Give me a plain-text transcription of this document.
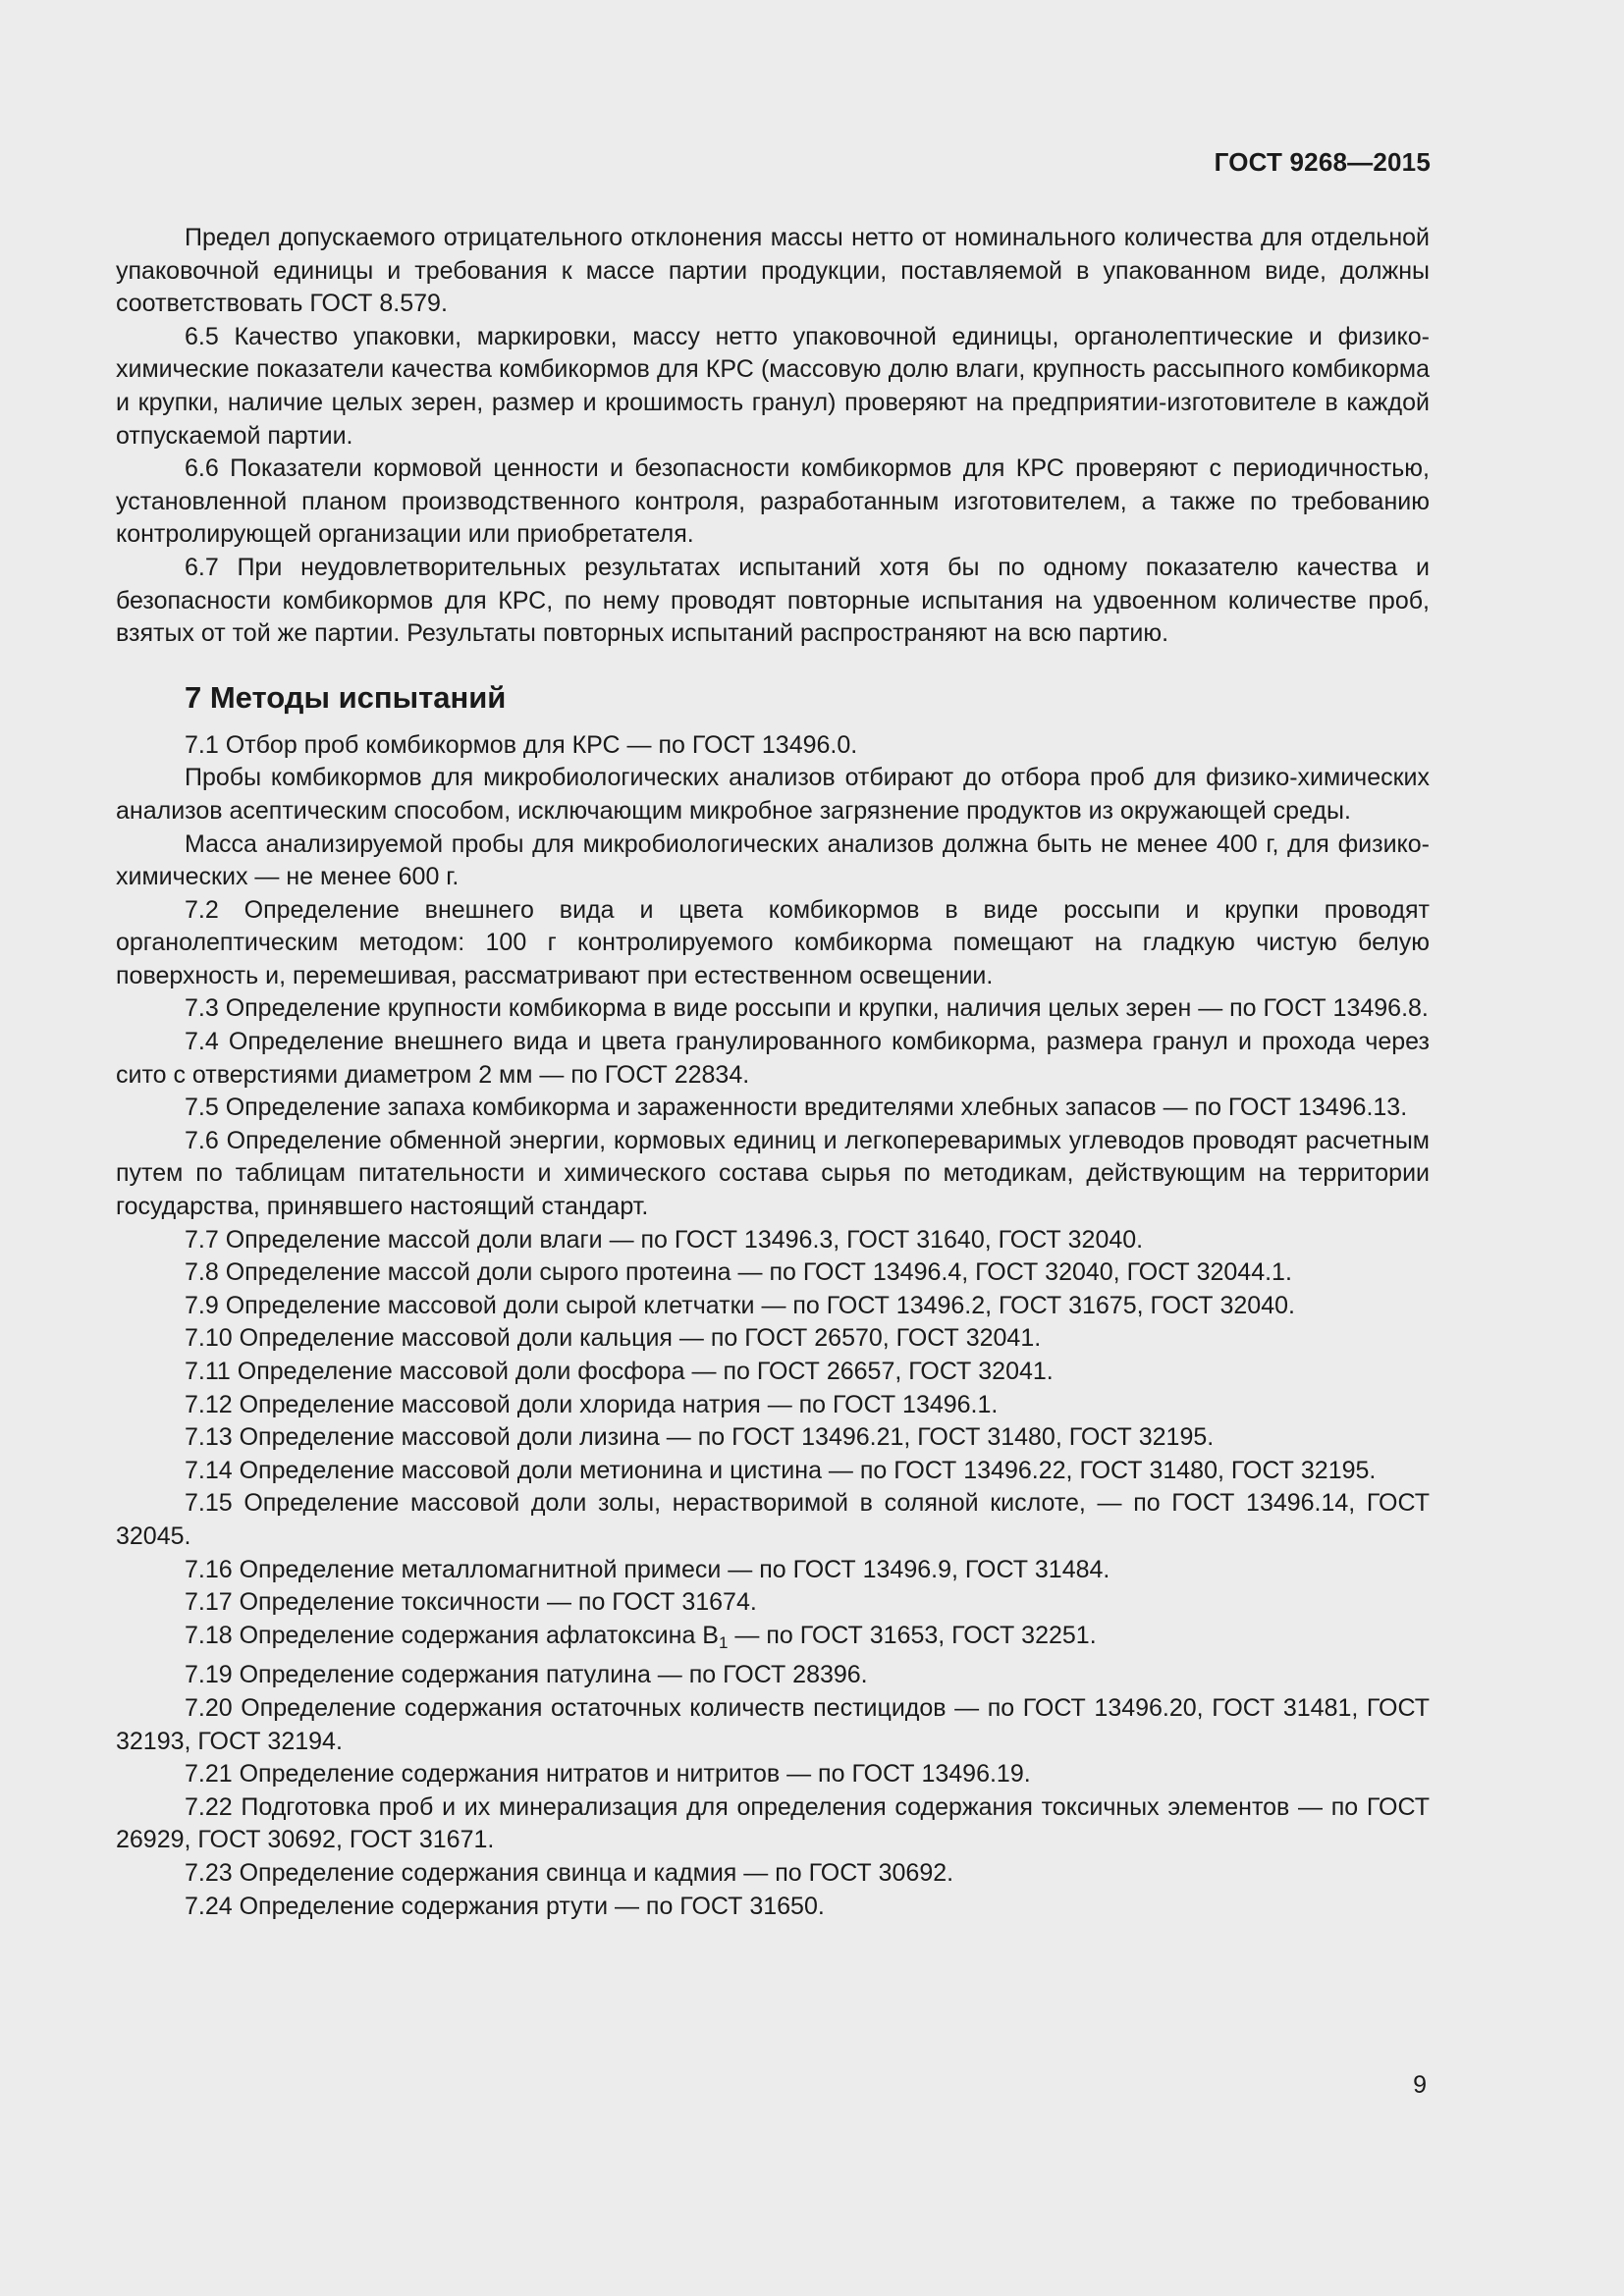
ГОСТ 9268—2015

Предел допускаемого отрицательного отклонения массы нетто от номинального количества для отдельной упаковочной единицы и требования к массе партии продукции, поставляемой в упакованном виде, должны соответствовать ГОСТ 8.579.

6.5 Качество упаковки, маркировки, массу нетто упаковочной единицы, органолептические и физико-химические показатели качества комбикормов для КРС (массовую долю влаги, крупность рассыпного комбикорма и крупки, наличие целых зерен, размер и крошимость гранул) проверяют на предприятии-изготовителе в каждой отпускаемой партии.

6.6 Показатели кормовой ценности и безопасности комбикормов для КРС проверяют с периодичностью, установленной планом производственного контроля, разработанным изготовителем, а также по требованию контролирующей организации или приобретателя.

6.7 При неудовлетворительных результатах испытаний хотя бы по одному показателю качества и безопасности комбикормов для КРС, по нему проводят повторные испытания на удвоенном количестве проб, взятых от той же партии. Результаты повторных испытаний распространяют на всю партию.

7 Методы испытаний

7.1 Отбор проб комбикормов для КРС — по ГОСТ 13496.0.

Пробы комбикормов для микробиологических анализов отбирают до отбора проб для физико-химических анализов асептическим способом, исключающим микробное загрязнение продуктов из окружающей среды.

Масса анализируемой пробы для микробиологических анализов должна быть не менее 400 г, для физико-химических — не менее 600 г.

7.2 Определение внешнего вида и цвета комбикормов в виде россыпи и крупки проводят органолептическим методом: 100 г контролируемого комбикорма помещают на гладкую чистую белую поверхность и, перемешивая, рассматривают при естественном освещении.

7.3 Определение крупности комбикорма в виде россыпи и крупки, наличия целых зерен — по ГОСТ 13496.8.

7.4 Определение внешнего вида и цвета гранулированного комбикорма, размера гранул и прохода через сито с отверстиями диаметром 2 мм — по ГОСТ 22834.

7.5 Определение запаха комбикорма и зараженности вредителями хлебных запасов — по ГОСТ 13496.13.

7.6 Определение обменной энергии, кормовых единиц и легкопереваримых углеводов проводят расчетным путем по таблицам питательности и химического состава сырья по методикам, действующим на территории государства, принявшего настоящий стандарт.

7.7 Определение массой доли влаги — по ГОСТ 13496.3, ГОСТ 31640, ГОСТ 32040.

7.8 Определение массой доли сырого протеина — по ГОСТ 13496.4, ГОСТ 32040, ГОСТ 32044.1.

7.9 Определение массовой доли сырой клетчатки — по ГОСТ 13496.2, ГОСТ 31675, ГОСТ 32040.

7.10 Определение массовой доли кальция — по ГОСТ 26570, ГОСТ 32041.

7.11 Определение массовой доли фосфора — по ГОСТ 26657, ГОСТ 32041.

7.12 Определение массовой доли хлорида натрия — по ГОСТ 13496.1.

7.13 Определение массовой доли лизина — по ГОСТ 13496.21, ГОСТ 31480, ГОСТ 32195.

7.14 Определение массовой доли метионина и цистина — по ГОСТ 13496.22, ГОСТ 31480, ГОСТ 32195.

7.15 Определение массовой доли золы, нерастворимой в соляной кислоте, — по ГОСТ 13496.14, ГОСТ 32045.

7.16 Определение металломагнитной примеси — по ГОСТ 13496.9, ГОСТ 31484.

7.17 Определение токсичности — по ГОСТ 31674.

7.18 Определение содержания афлатоксина $B_1$ — по ГОСТ 31653, ГОСТ 32251.

7.19 Определение содержания патулина — по ГОСТ 28396.

7.20 Определение содержания остаточных количеств пестицидов — по ГОСТ 13496.20, ГОСТ 31481, ГОСТ 32193, ГОСТ 32194.

7.21 Определение содержания нитратов и нитритов — по ГОСТ 13496.19.

7.22 Подготовка проб и их минерализация для определения содержания токсичных элементов — по ГОСТ 26929, ГОСТ 30692, ГОСТ 31671.

7.23 Определение содержания свинца и кадмия — по ГОСТ 30692.

7.24 Определение содержания ртути — по ГОСТ 31650.

9
